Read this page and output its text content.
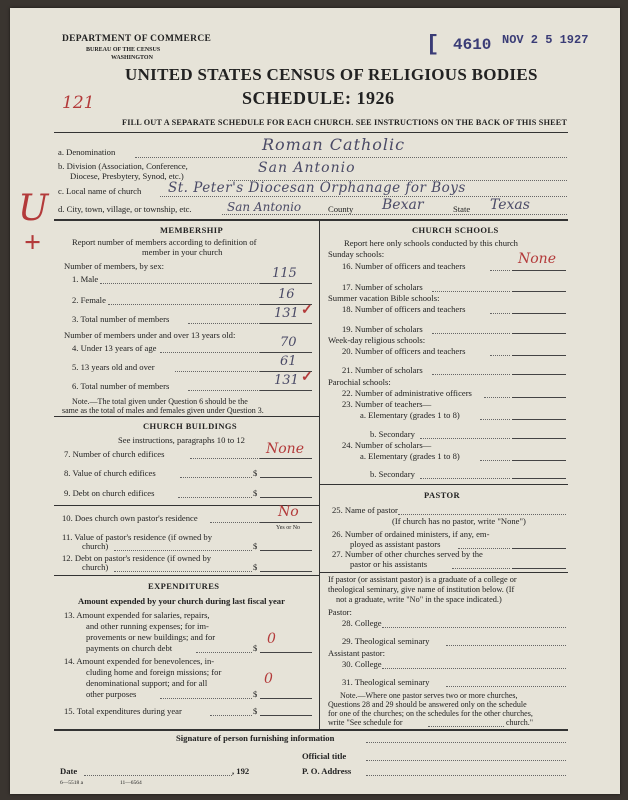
DEPARTMENT OF COMMERCE
BUREAU OF THE CENSUS
WASHINGTON
[ 4610 NOV 2 5 1927
UNITED STATES CENSUS OF RELIGIOUS BODIES
SCHEDULE: 1926
121
FILL OUT A SEPARATE SCHEDULE FOR EACH CHURCH. SEE INSTRUCTIONS ON THE BACK OF THIS SHEET
U
+
a. Denomination	Roman Catholic
b. Division (Association, Conference,
Diocese, Presbytery, Synod, etc.)	San Antonio
c. Local name of church St. Peter's Diocesan Orphanage for Boys
d. City, town, village, or township, etc.	San Antonio	County Bexar	State Texas
MEMBERSHIP
Report number of members according to definition of
member in your church
Number of members, by sex:
1. Male	115
2. Female	16
3. Total number of members	131 ✓
Number of members under and over 13 years old:
4. Under 13 years of age	70
5. 13 years old and over	61
6. Total number of members	131 ✓
Note.—The total given under Question 6 should be the
same as the total of males and females given under Question 3.
CHURCH BUILDINGS
See instructions, paragraphs 10 to 12
7. Number of church edifices	None
8. Value of church edifices	$
9. Debt on church edifices	$
10. Does church own pastor's residence	No
Yes or No
11. Value of pastor's residence (if owned by
church)	$
12. Debt on pastor's residence (if owned by
church)	$
EXPENDITURES
Amount expended by your church during last fiscal year
13. Amount expended for salaries, repairs,
and other running expenses; for im-
provements or new buildings; and for
payments on church debt	$
0
14. Amount expended for benevolences, in-
cluding home and foreign missions; for
denominational support; and for all
other purposes	$
0
15. Total expenditures during year	$
CHURCH SCHOOLS
Report here only schools conducted by this church
Sunday schools:
16. Number of officers and teachers	None
17. Number of scholars
Summer vacation Bible schools:
18. Number of officers and teachers
19. Number of scholars
Week-day religious schools:
20. Number of officers and teachers
21. Number of scholars
Parochial schools:
22. Number of administrative officers
23. Number of teachers—
a. Elementary (grades 1 to 8)
b. Secondary
24. Number of scholars—
a. Elementary (grades 1 to 8)
b. Secondary
PASTOR
25. Name of pastor
(If church has no pastor, write "None")
26. Number of ordained ministers, if any, em-
ployed as assistant pastors
27. Number of other churches served by the
pastor or his assistants
If pastor (or assistant pastor) is a graduate of a college or
theological seminary, give name of institution below. (If
not a graduate, write "No" in the space indicated.)
Pastor:
28. College
29. Theological seminary
Assistant pastor:
30. College
31. Theological seminary
Note.—Where one pastor serves two or more churches,
Questions 28 and 29 should be answered only on the schedule
for one of the churches; on the schedules for the other churches,
write "See schedule for	church."
Signature of person furnishing information
Official title
Date	, 192	P. O. Address
6—5518 a	11—6564
